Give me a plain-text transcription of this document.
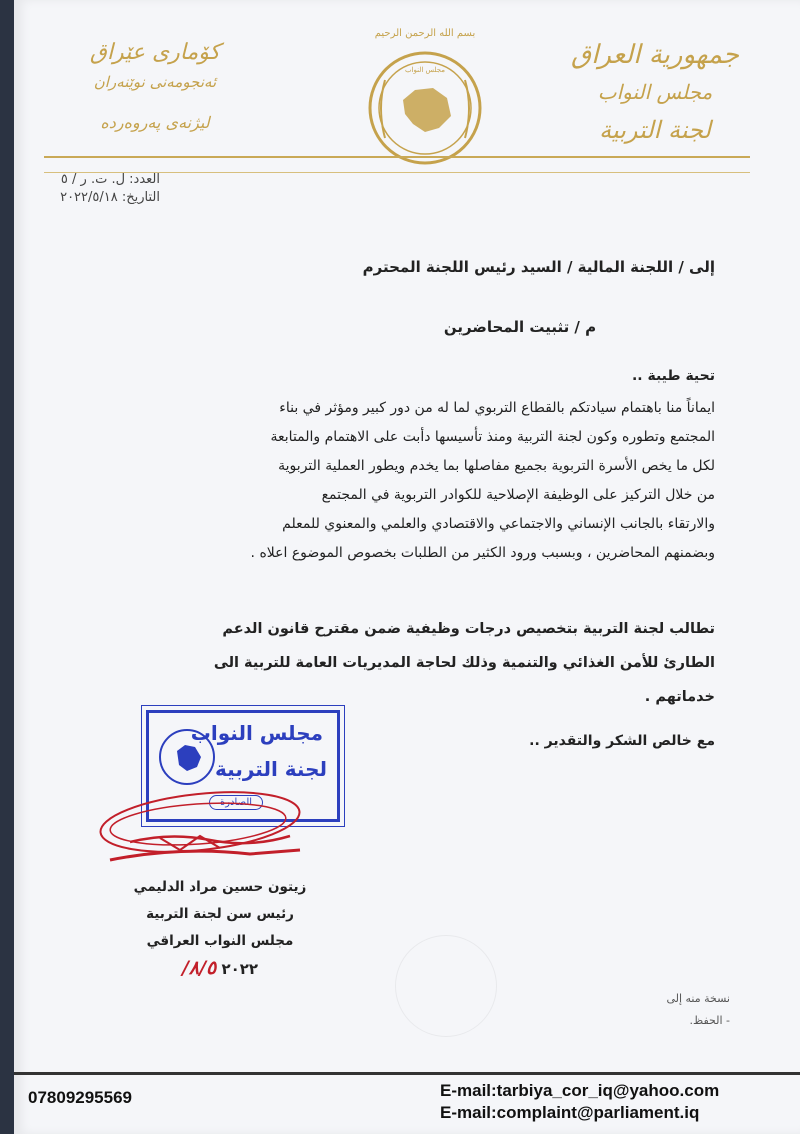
جمهورية العراق
مجلس النواب
لجنة التربية
كۆماری عێراق
ئەنجومەنی نوێنەران
لیژنەی پەروەردە
بسم الله الرحمن الرحيم
مجلس النواب
العدد: ل. ت. ر / ٥
التاريخ: ٢٠٢٢/٥/١٨
إلى / اللجنة المالية / السيد رئيس اللجنة المحترم
م / تثبيت المحاضرين
تحية طيبة ..

ايماناً منا باهتمام سيادتكم بالقطاع التربوي لما له من دور كبير ومؤثر في بناء

المجتمع وتطوره وكون لجنة التربية ومنذ تأسيسها دأبت على الاهتمام والمتابعة

لكل ما يخص الأسرة التربوية بجميع مفاصلها بما يخدم ويطور العملية التربوية

من خلال التركيز على الوظيفة الإصلاحية للكوادر التربوية في المجتمع

والارتقاء بالجانب الإنساني والاجتماعي والاقتصادي والعلمي والمعنوي للمعلم

وبضمنهم المحاضرين ، وبسبب ورود الكثير من الطلبات بخصوص الموضوع اعلاه .

تطالب لجنة التربية بتخصيص درجات وظيفية ضمن مقترح قانون الدعم

الطارئ للأمن الغذائي والتنمية وذلك لحاجة المديريات العامة للتربية الى

خدماتهم .

مع خالص الشكر والتقدير ..
مجلس النواب
لجنة التربية
الصادرة
زيتون حسين مراد الدليمي
رئيس سن لجنة التربية
مجلس النواب العراقي
٢٠٢٢ ٨/٥/
نسخة منه إلى
- الحفظ.
07809295569	E-mail:tarbiya_cor_iq@yahoo.com
E-mail:complaint@parliament.iq
